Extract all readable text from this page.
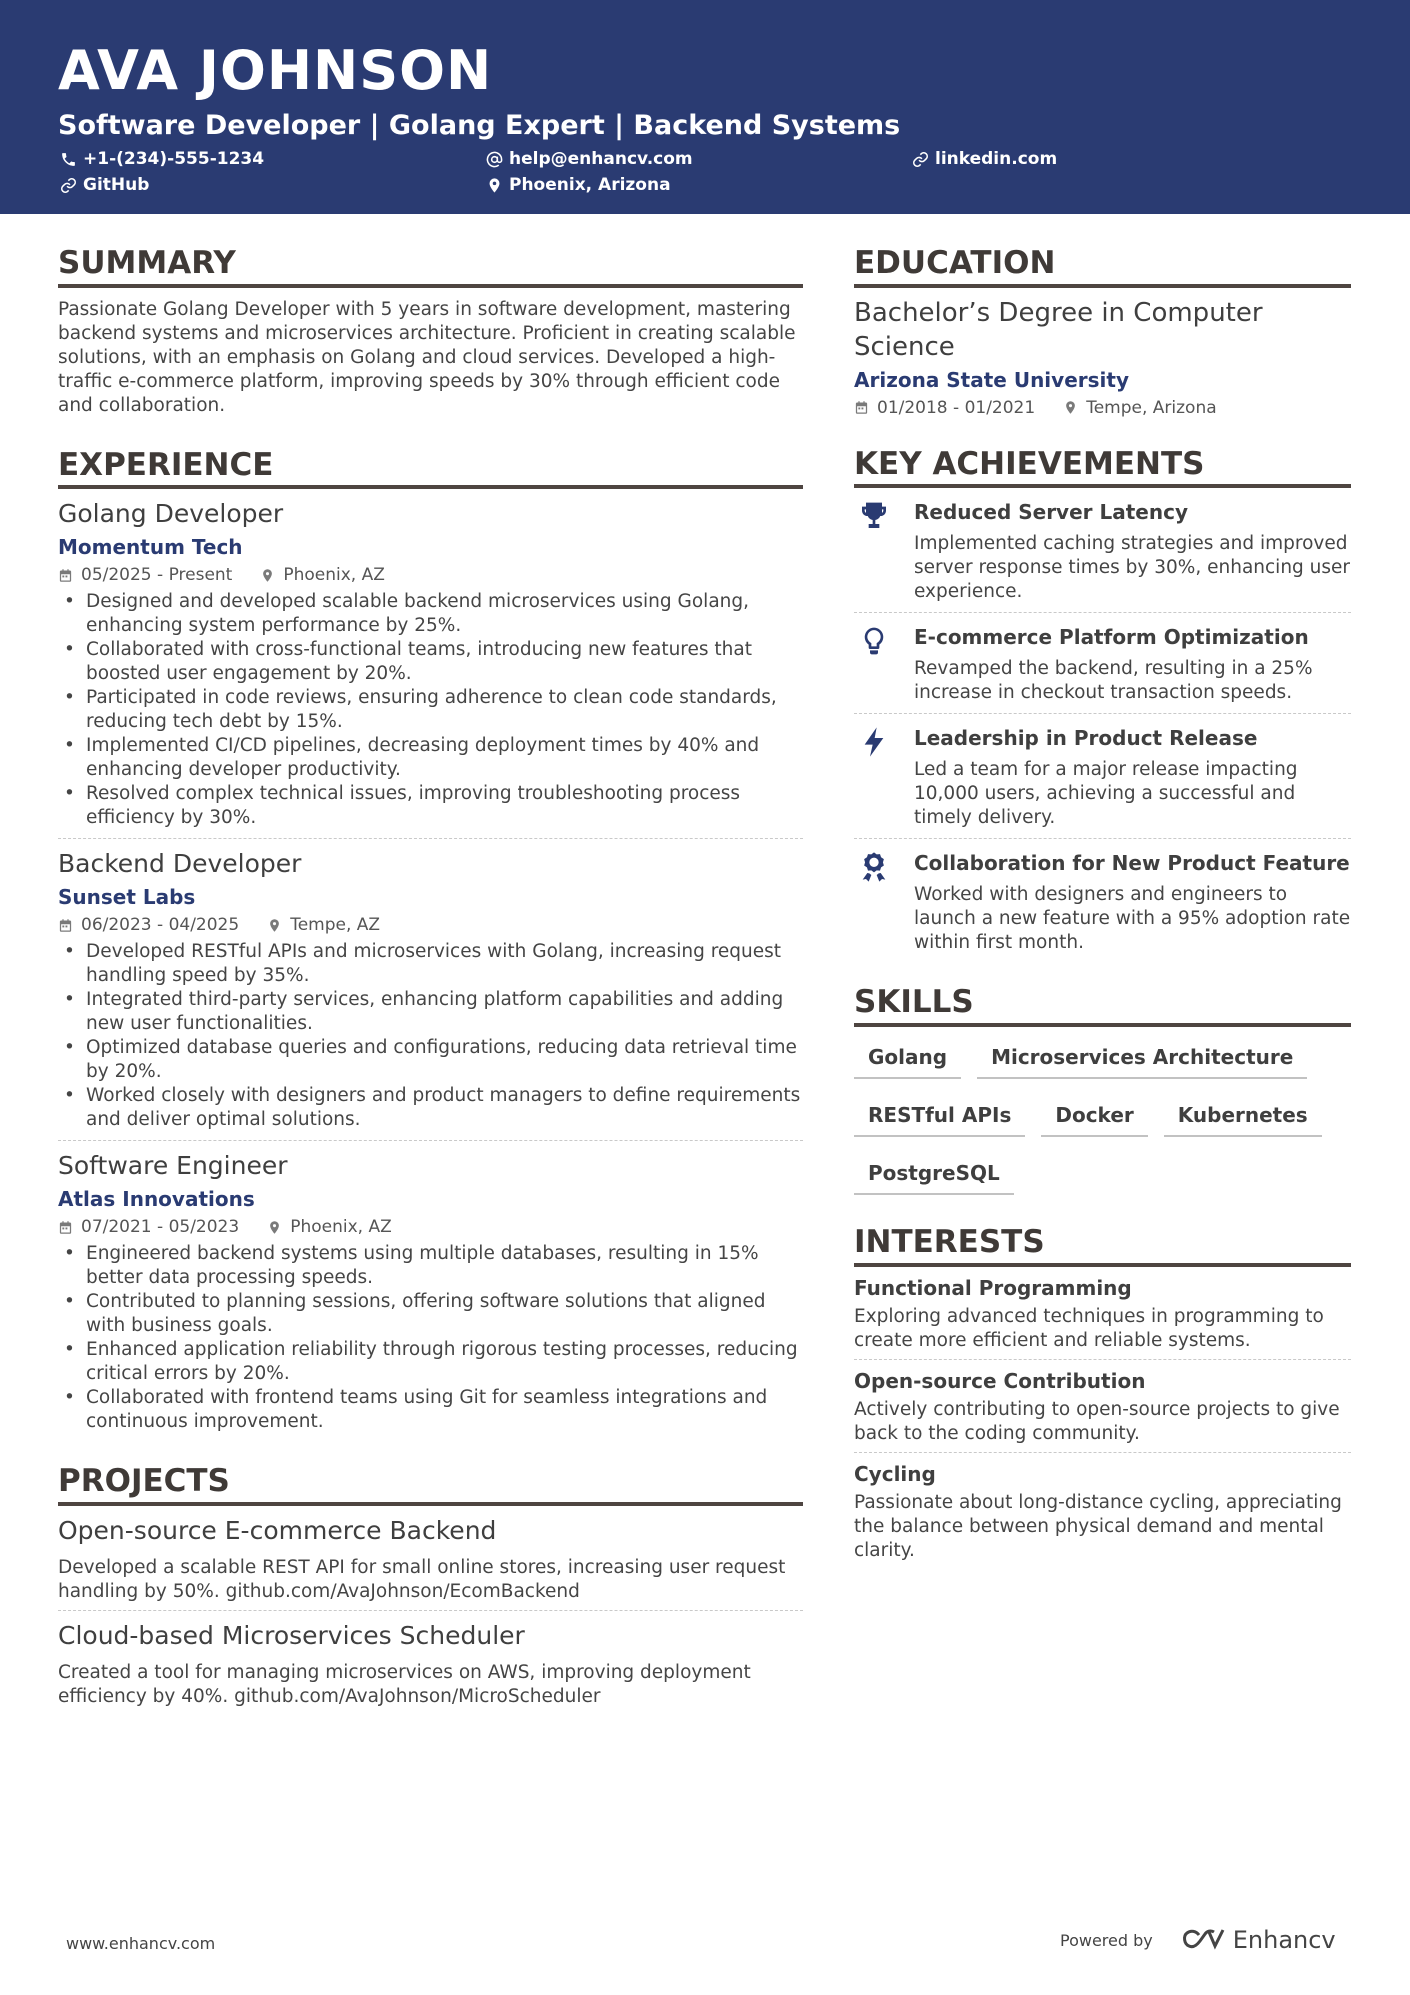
AVA JOHNSON
Software Developer | Golang Expert | Backend Systems
+1-(234)-555-1234	help@enhancv.com	linkedin.com
GitHub	Phoenix, Arizona
SUMMARY
Passionate Golang Developer with 5 years in software development, mastering backend systems and microservices architecture. Proficient in creating scalable solutions, with an emphasis on Golang and cloud services. Developed a high-traffic e-commerce platform, improving speeds by 30% through efficient code and collaboration.
EXPERIENCE
Golang Developer
Momentum Tech
05/2025 - Present	Phoenix, AZ
• Designed and developed scalable backend microservices using Golang, enhancing system performance by 25%.
• Collaborated with cross-functional teams, introducing new features that boosted user engagement by 20%.
• Participated in code reviews, ensuring adherence to clean code standards, reducing tech debt by 15%.
• Implemented CI/CD pipelines, decreasing deployment times by 40% and enhancing developer productivity.
• Resolved complex technical issues, improving troubleshooting process efficiency by 30%.
Backend Developer
Sunset Labs
06/2023 - 04/2025	Tempe, AZ
• Developed RESTful APIs and microservices with Golang, increasing request handling speed by 35%.
• Integrated third-party services, enhancing platform capabilities and adding new user functionalities.
• Optimized database queries and configurations, reducing data retrieval time by 20%.
• Worked closely with designers and product managers to define requirements and deliver optimal solutions.
Software Engineer
Atlas Innovations
07/2021 - 05/2023	Phoenix, AZ
• Engineered backend systems using multiple databases, resulting in 15% better data processing speeds.
• Contributed to planning sessions, offering software solutions that aligned with business goals.
• Enhanced application reliability through rigorous testing processes, reducing critical errors by 20%.
• Collaborated with frontend teams using Git for seamless integrations and continuous improvement.
PROJECTS
Open-source E-commerce Backend
Developed a scalable REST API for small online stores, increasing user request handling by 50%. github.com/AvaJohnson/EcomBackend
Cloud-based Microservices Scheduler
Created a tool for managing microservices on AWS, improving deployment efficiency by 40%. github.com/AvaJohnson/MicroScheduler
EDUCATION
Bachelor’s Degree in Computer Science
Arizona State University
01/2018 - 01/2021	Tempe, Arizona
KEY ACHIEVEMENTS
Reduced Server Latency
Implemented caching strategies and improved server response times by 30%, enhancing user experience.
E-commerce Platform Optimization
Revamped the backend, resulting in a 25% increase in checkout transaction speeds.
Leadership in Product Release
Led a team for a major release impacting 10,000 users, achieving a successful and timely delivery.
Collaboration for New Product Feature
Worked with designers and engineers to launch a new feature with a 95% adoption rate within first month.
SKILLS
Golang	Microservices Architecture
RESTful APIs	Docker	Kubernetes
PostgreSQL
INTERESTS
Functional Programming
Exploring advanced techniques in programming to create more efficient and reliable systems.
Open-source Contribution
Actively contributing to open-source projects to give back to the coding community.
Cycling
Passionate about long-distance cycling, appreciating the balance between physical demand and mental clarity.
www.enhancv.com	Powered by	Enhancv
